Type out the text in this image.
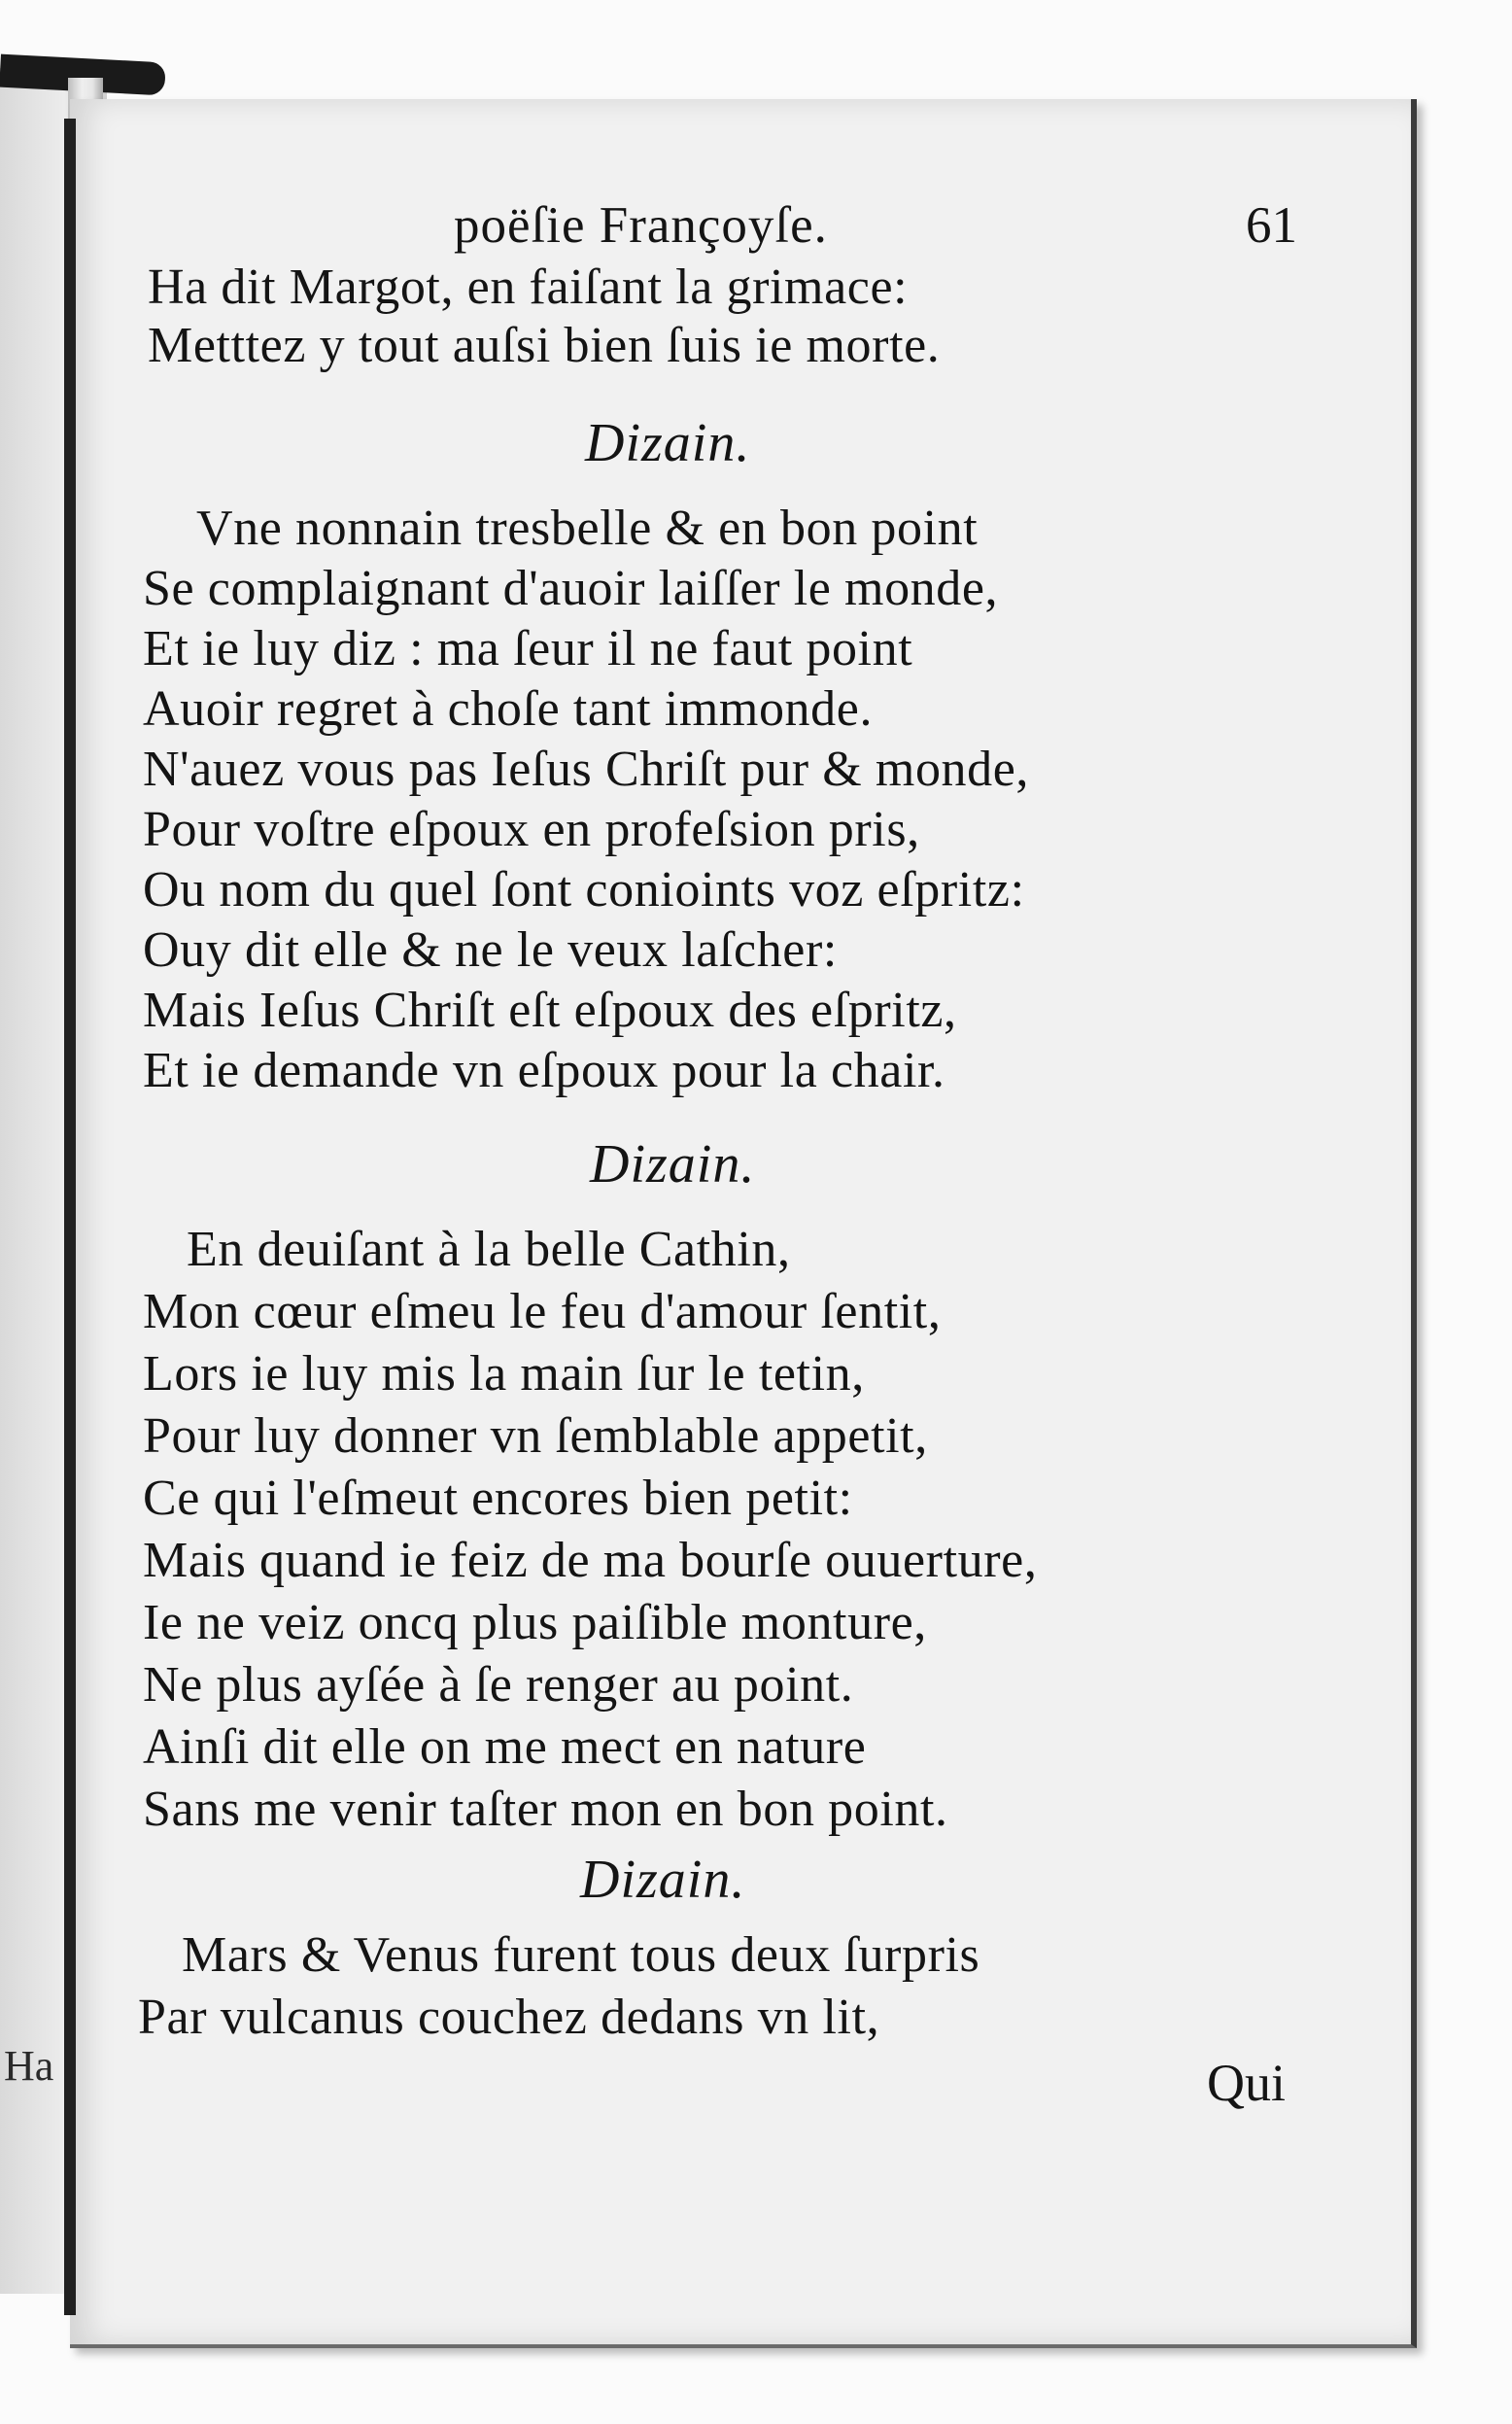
Ha
poëſie Françoyſe.	61
Ha dit Margot, en faiſant la grimace:
Metttez y tout auſsi bien ſuis ie morte.
Dizain.
Vne nonnain tresbelle & en bon point
Se complaignant d'auoir laiſſer le monde,
Et ie luy diz : ma ſeur il ne faut point
Auoir regret à choſe tant immonde.
N'auez vous pas Ieſus Chriſt pur & monde,
Pour voſtre eſpoux en profeſsion pris,
Ou nom du quel ſont conioints voz eſpritz:
Ouy dit elle & ne le veux laſcher:
Mais Ieſus Chriſt eſt eſpoux des eſpritz,
Et ie demande vn eſpoux pour la chair.
Dizain.
En deuiſant à la belle Cathin,
Mon cœur eſmeu le feu d'amour ſentit,
Lors ie luy mis la main ſur le tetin,
Pour luy donner vn ſemblable appetit,
Ce qui l'eſmeut encores bien petit:
Mais quand ie feiz de ma bourſe ouuerture,
Ie ne veiz oncq plus paiſible monture,
Ne plus ayſée à ſe renger au point.
Ainſi dit elle on me mect en nature
Sans me venir taſter mon en bon point.
Dizain.
Mars & Venus furent tous deux ſurpris
Par vulcanus couchez dedans vn lit,
Qui
